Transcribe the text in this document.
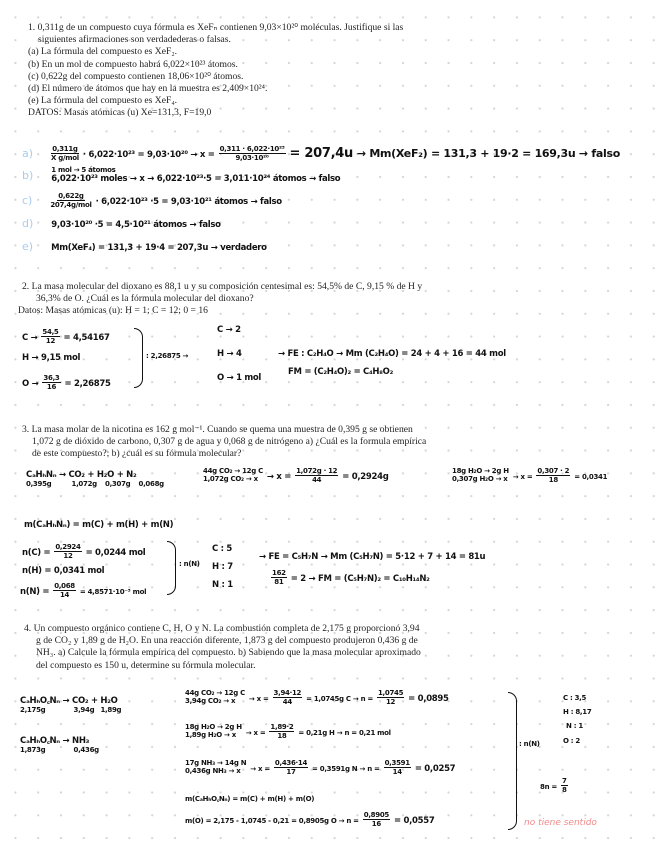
1. 0,311g de un compuesto cuya fórmula es XeFₙ contienen 9,03×10²⁰ moléculas. Justifique si las

siguientes afirmaciones son verdadederas o falsas.

(a) La fórmula del compuesto es XeF₂.

(b) En un mol de compuesto habrá 6,022×10²³ átomos.

(c) 0,622g del compuesto contienen 18,06×10²⁰ átomos.

(d) El número de átomos que hay en la muestra es 2,409×10²⁴.

(e) La fórmula del compuesto es XeF₄.

DATOS: Masas atómicas (u) Xe=131,3, F=19,0

a)	$\frac{0,311g}{\text{X g/mol}} \cdot 6,022\cdot 10^{23} = 9,03\cdot 10^{20} \to x = \frac{\text{0,311 · 6,022·10²³}}{\text{9,03·10²⁰}} = 207,4u \to Mm(XeF_2) = 131,3 + 19\cdot 2 = 169,3u$ → falso
b)	1 mol → 5 átomos
6,022·10²³ moles → x → 6,022·10²³·5 = 3,011·10²⁴ átomos → falso
c)	$\frac{0,622g}{\text{207,4g/mol}} \cdot 6,022\cdot 10^{23} \cdot 5 = 9,03\cdot 10^{21}$ átomos → falso
d) 9,03·10²⁰ ·5 = 4,5·10²¹ átomos → falso
e) Mm(XeF₄) = 131,3 + 19·4 = 207,3u → verdadero

2. La masa molecular del dioxano es 88,1 u y su composición centesimal es: 54,5% de C, 9,15 % de H y

36,3% de O. ¿Cuál es la fórmula molecular del dioxano?

Datos: Masas atómicas (u): H = 1; C = 12; 0 = 16

$C \to \frac{54,5}{12} = 4,54167$
H → 9,15 mol
$O \to \frac{36,3}{16} = 2,26875$
: 2,26875 →
C → 2
H → 4
O → 1 mol
→ FE : C₂H₄O → Mm (C₂H₄O) = 24 + 4 + 16 = 44 mol
FM = (C₂H₄O)₂ = C₄H₈O₂

3. La masa molar de la nicotina es 162 g mol⁻¹. Cuando se quema una muestra de 0,395 g se obtienen

1,072 g de dióxido de carbono, 0,307 g de agua y 0,068 g de nitrógeno a) ¿Cuál es la formula empírica

de este compuesto?; b) ¿cuál es su fórmula molecular?

CₐHₕNₙ → CO₂ + H₂O + N₂
0,395g	1,072g 0,307g 0,068g
44g CO₂ → 12g C
1,072g CO₂ → x	→ $x = \frac{1,072g \cdot 12}{44} = 0,2924g$
18g H₂O → 2g H
0,307g $H_2O \to x \to x = \frac{0,307 \cdot 2}{18} = 0,0341$
m(CₐHₕNₙ) = m(C) + m(H) + m(N)
$n(C) = \frac{0,2924}{12} = 0,0244$ mol
n(H) = 0,0341 mol
$n(N) = \frac{0,068}{14} = 4,8571\cdot 10^{-3}$ mol
: n(N)
C : 5
H : 7
N : 1
→ FE = C₅H₇N → Mm (C₅H₇N) = 5·12 + 7 + 14 = 81u
$\frac{162}{81} = 2$ → FM = (C₅H₇N)₂ = C₁₀H₁₄N₂

4. Un compuesto orgánico contiene C, H, O y N. La combustión completa de 2,175 g proporcionó 3,94

g de CO₂ y 1,89 g de H₂O. En una reacción diferente, 1,873 g del compuesto produjeron 0,436 g de

NH₃. a) Calcule la fórmula empírica del compuesto. b) Sabiendo que la masa molecular aproximado

del compuesto es 150 u, determine su fórmula molecular.

CₐHₕO꜀Nₙ → CO₂ + H₂O
2,175g	3,94g 1,89g
CₐHₕO꜀Nₙ → NH₃
1,873g	0,436g
44g CO₂ → 12g C
3,94g CO₂ → x	→ $x = \frac{3,94\cdot 12}{44} = 1,0745g$ $C \to n = \frac{1,0745}{12} = 0,0895$
18g H₂O → 2g H
1,89g H₂O → x	→ $x = \frac{1,89\cdot 2}{18} = 0,21g$ H → n = 0,21 mol
17g NH₃ → 14g N
0,436g NH₃ → x	→ $x = \frac{0,436\cdot 14}{17} = 0,3591g$ $N \to n = \frac{0,3591}{14} = 0,0257$
m(CₐHₕO꜀Nₙ) = m(C) + m(H) + m(O)
m(O) = 2,175 - 1,0745 - 0,21 = 0,8905g $O \to n = \frac{0,8905}{16} = 0,0557$
: n(N)
C : 3,5
H : 8,17
N : 1
O : 2
$8n = \frac{7}{8}$
no tiene sentido
